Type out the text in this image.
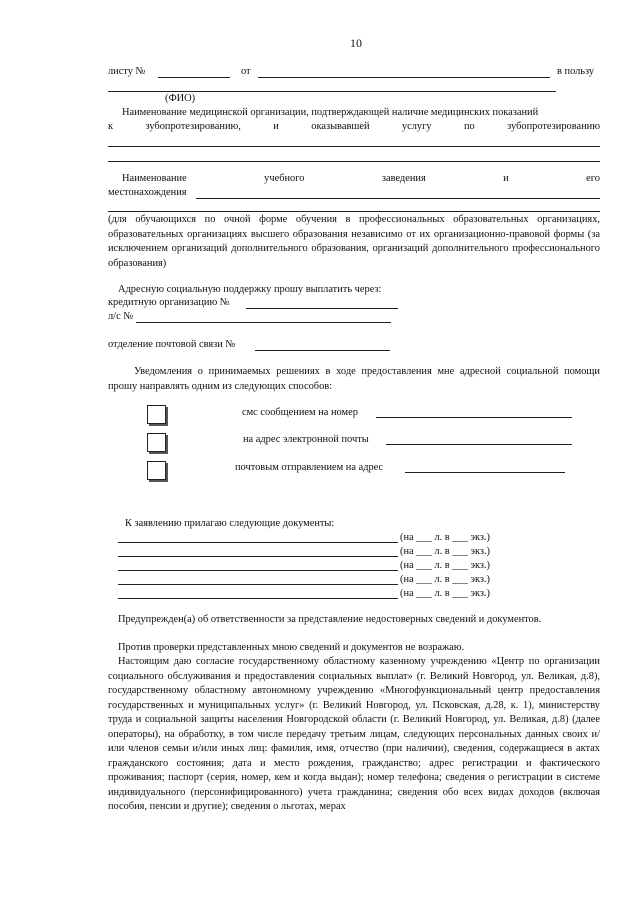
10
листу №	от	в пользу
(ФИО)
Наименование медицинской организации, подтверждающей наличие медицинских показаний
к зубопротезированию, и оказывавшей услугу по зубопротезированию
Наименование учебного заведения и его
местонахождения
(для обучающихся по очной форме обучения в профессиональных образовательных организациях, образовательных организациях высшего образования независимо от их организационно-правовой формы (за исключением организаций дополнительного образования, организаций дополнительного профессионального образования)
Адресную социальную поддержку прошу выплатить через:
кредитную организацию №
л/с №
отделение почтовой связи №
Уведомления о принимаемых решениях в ходе предоставления мне адресной социальной помощи прошу направлять одним из следующих способов:
смс сообщением на номер
на адрес электронной почты
почтовым отправлением на адрес
К заявлению прилагаю следующие документы:
(на ___ л. в ___ экз.)
(на ___ л. в ___ экз.)
(на ___ л. в ___ экз.)
(на ___ л. в ___ экз.)
(на ___ л. в ___ экз.)
Предупрежден(а) об ответственности за представление недостоверных сведений и документов.
Против проверки представленных мною сведений и документов не возражаю.
Настоящим даю согласие государственному областному казенному учреждению «Центр по организации социального обслуживания и предоставления социальных выплат» (г. Великий Новгород, ул. Великая, д.8), государственному областному автономному учреждению «Многофункциональный центр предоставления государственных и муниципальных услуг» (г. Великий Новгород, ул. Псковская, д.28, к. 1), министерству труда и социальной защиты населения Новгородской области (г. Великий Новгород, ул. Великая, д.8) (далее операторы), на обработку, в том числе передачу третьим лицам, следующих персональных данных своих и/или членов семьи и/или иных лиц: фамилия, имя, отчество (при наличии), сведения, содержащиеся в актах гражданского состояния; дата и место рождения, гражданство; адрес регистрации и фактического проживания; паспорт (серия, номер, кем и когда выдан); номер телефона; сведения о регистрации в системе индивидуального (персонифицированного) учета гражданина; сведения обо всех видах доходов (включая пособия, пенсии и другие); сведения о льготах, мерах
